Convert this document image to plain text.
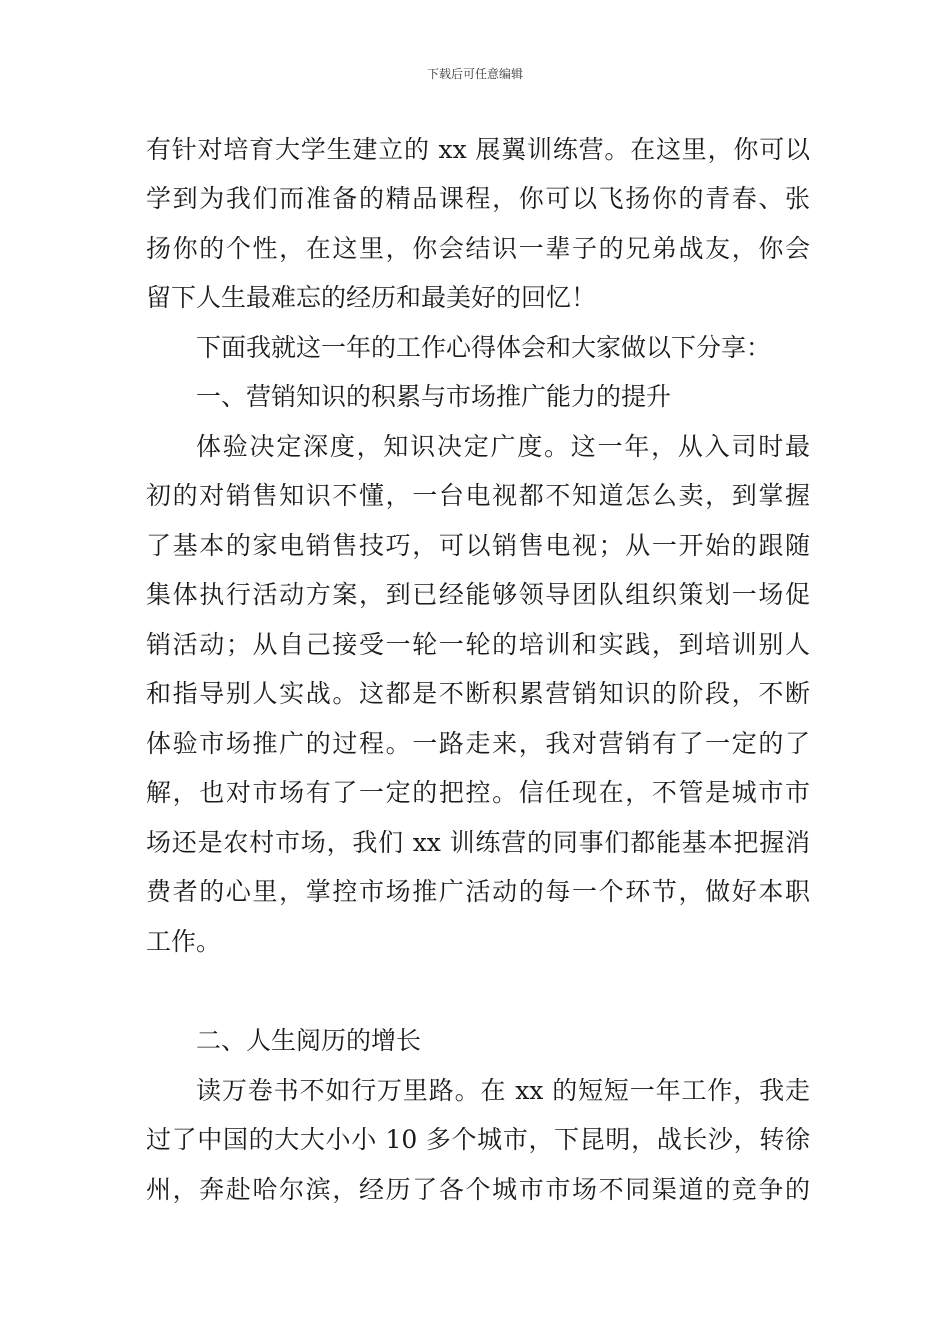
下载后可任意编辑
有针对培育大学生建立的 xx 展翼训练营。在这里，你可以
学到为我们而准备的精品课程，你可以飞扬你的青春、张
扬你的个性，在这里，你会结识一辈子的兄弟战友，你会
留下人生最难忘的经历和最美好的回忆！
下面我就这一年的工作心得体会和大家做以下分享：
一、营销知识的积累与市场推广能力的提升
体验决定深度，知识决定广度。这一年，从入司时最
初的对销售知识不懂，一台电视都不知道怎么卖，到掌握
了基本的家电销售技巧，可以销售电视；从一开始的跟随
集体执行活动方案，到已经能够领导团队组织策划一场促
销活动；从自己接受一轮一轮的培训和实践，到培训别人
和指导别人实战。这都是不断积累营销知识的阶段，不断
体验市场推广的过程。一路走来，我对营销有了一定的了
解，也对市场有了一定的把控。信任现在，不管是城市市
场还是农村市场，我们 xx 训练营的同事们都能基本把握消
费者的心里，掌控市场推广活动的每一个环节，做好本职
工作。
二、人生阅历的增长
读万卷书不如行万里路。在 xx 的短短一年工作，我走
过了中国的大大小小 10 多个城市，下昆明，战长沙，转徐
州，奔赴哈尔滨，经历了各个城市市场不同渠道的竞争的
